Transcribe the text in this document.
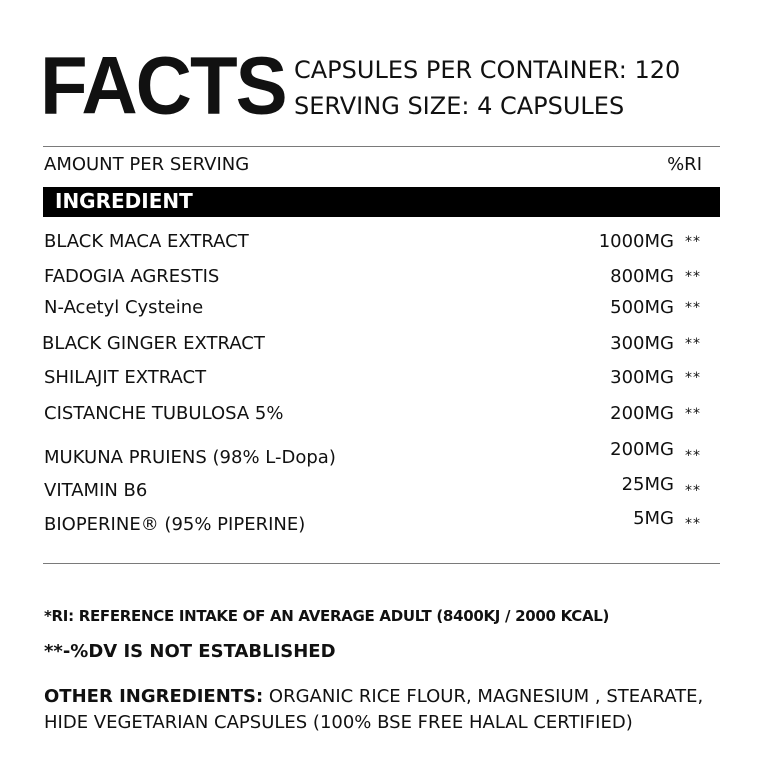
FACTS CAPSULES PER CONTAINER: 120
SERVING SIZE: 4 CAPSULES
AMOUNT PER SERVING	%RI
INGREDIENT
BLACK MACA EXTRACT	1000MG **
FADOGIA AGRESTIS	800MG **
N-Acetyl Cysteine	500MG **
BLACK GINGER EXTRACT	300MG **
SHILAJIT EXTRACT	300MG **
CISTANCHE TUBULOSA 5%	200MG **
MUKUNA PRUIENS (98% L-Dopa)	200MG **
VITAMIN B6	25MG **
BIOPERINE® (95% PIPERINE)	5MG **
*RI: REFERENCE INTAKE OF AN AVERAGE ADULT (8400KJ / 2000 KCAL)
**-%DV IS NOT ESTABLISHED
OTHER INGREDIENTS: ORGANIC RICE FLOUR, MAGNESIUM , STEARATE, HIDE VEGETARIAN CAPSULES (100% BSE FREE HALAL CERTIFIED)
